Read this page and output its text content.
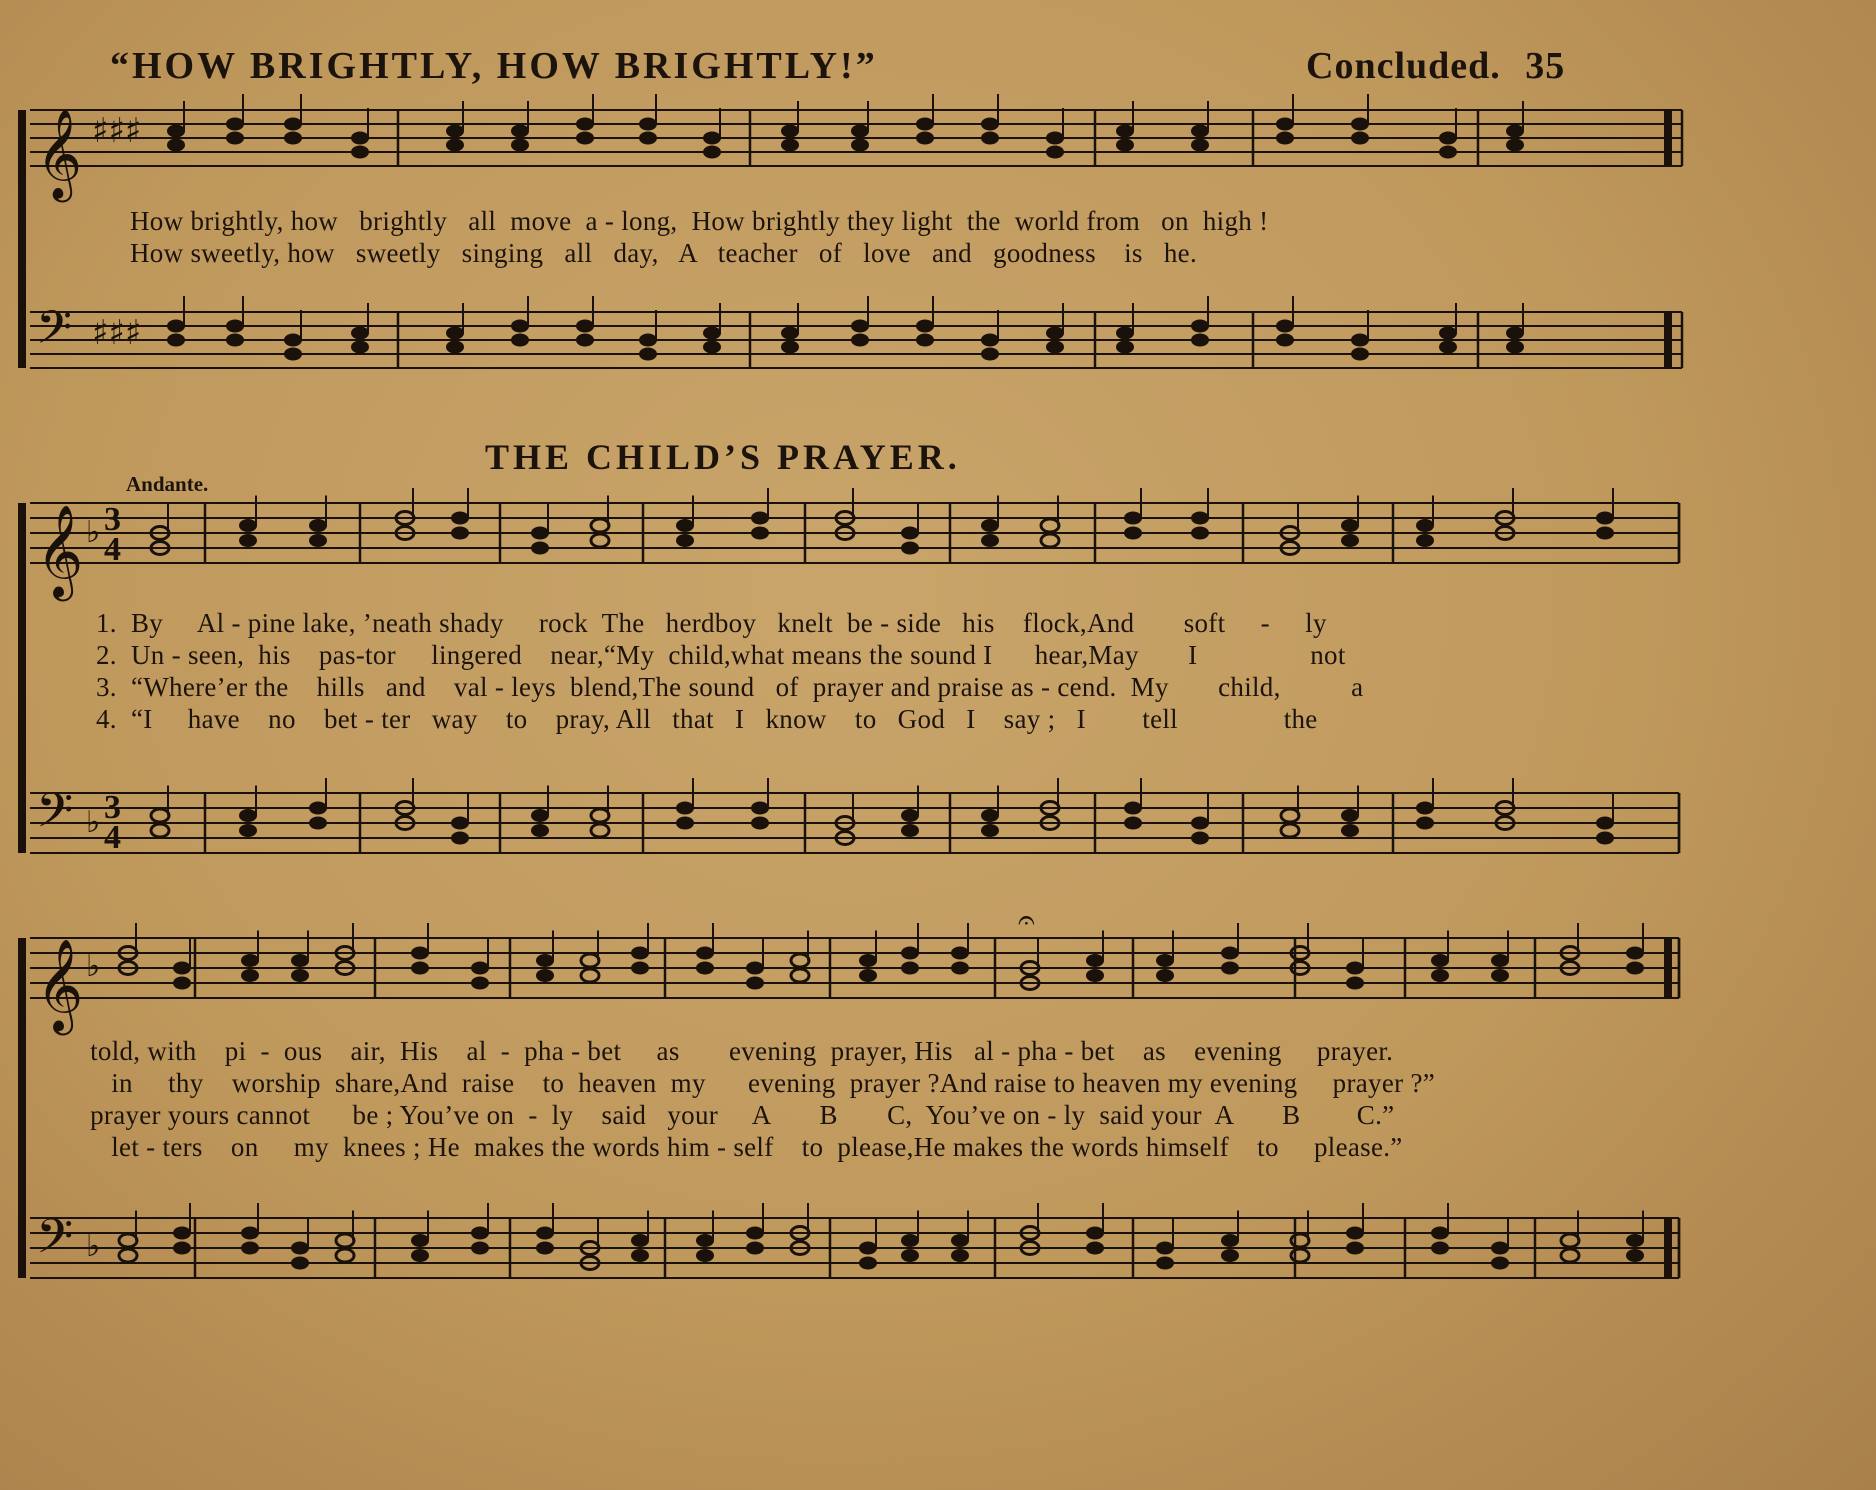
“HOW BRIGHTLY, HOW BRIGHTLY!”	Concluded. 35
How brightly, how   brightly   all  move  a - long,  How brightly they light  the  world from   on  high !
How sweetly, how   sweetly   singing   all   day,   A   teacher   of   love   and   goodness    is   he.
THE CHILD’S PRAYER.
Andante.
1.  By     Al - pine lake, ’neath shady     rock  The   herdboy   knelt  be - side   his    flock,And       soft     -     ly
2.  Un - seen,  his    pas-tor     lingered    near,“My  child,what means the sound I      hear,May       I                not
3.  “Where’er the    hills   and    val - leys  blend,The sound   of  prayer and praise as - cend.  My       child,          a
4.  “I     have    no    bet - ter   way    to    pray, All   that   I   know    to   God   I    say ;   I        tell               the
told, with    pi  -  ous    air,  His    al  -  pha - bet     as       evening  prayer, His   al - pha - bet    as    evening     prayer.
in     thy    worship  share,And  raise    to  heaven  my      evening  prayer ?And raise to heaven my evening     prayer ?”
prayer yours cannot      be ; You’ve on  -  ly    said   your     A       B       C,  You’ve on - ly  said your  A       B        C.”
let - ters    on     my  knees ; He  makes the words him - self    to  please,He makes the words himself    to     please.”
𝄞
𝄢
♯♯♯
♯♯♯
𝄞
𝄢
♭
♭
3
4
3
4
𝄞
𝄢
♭
♭
𝄐
